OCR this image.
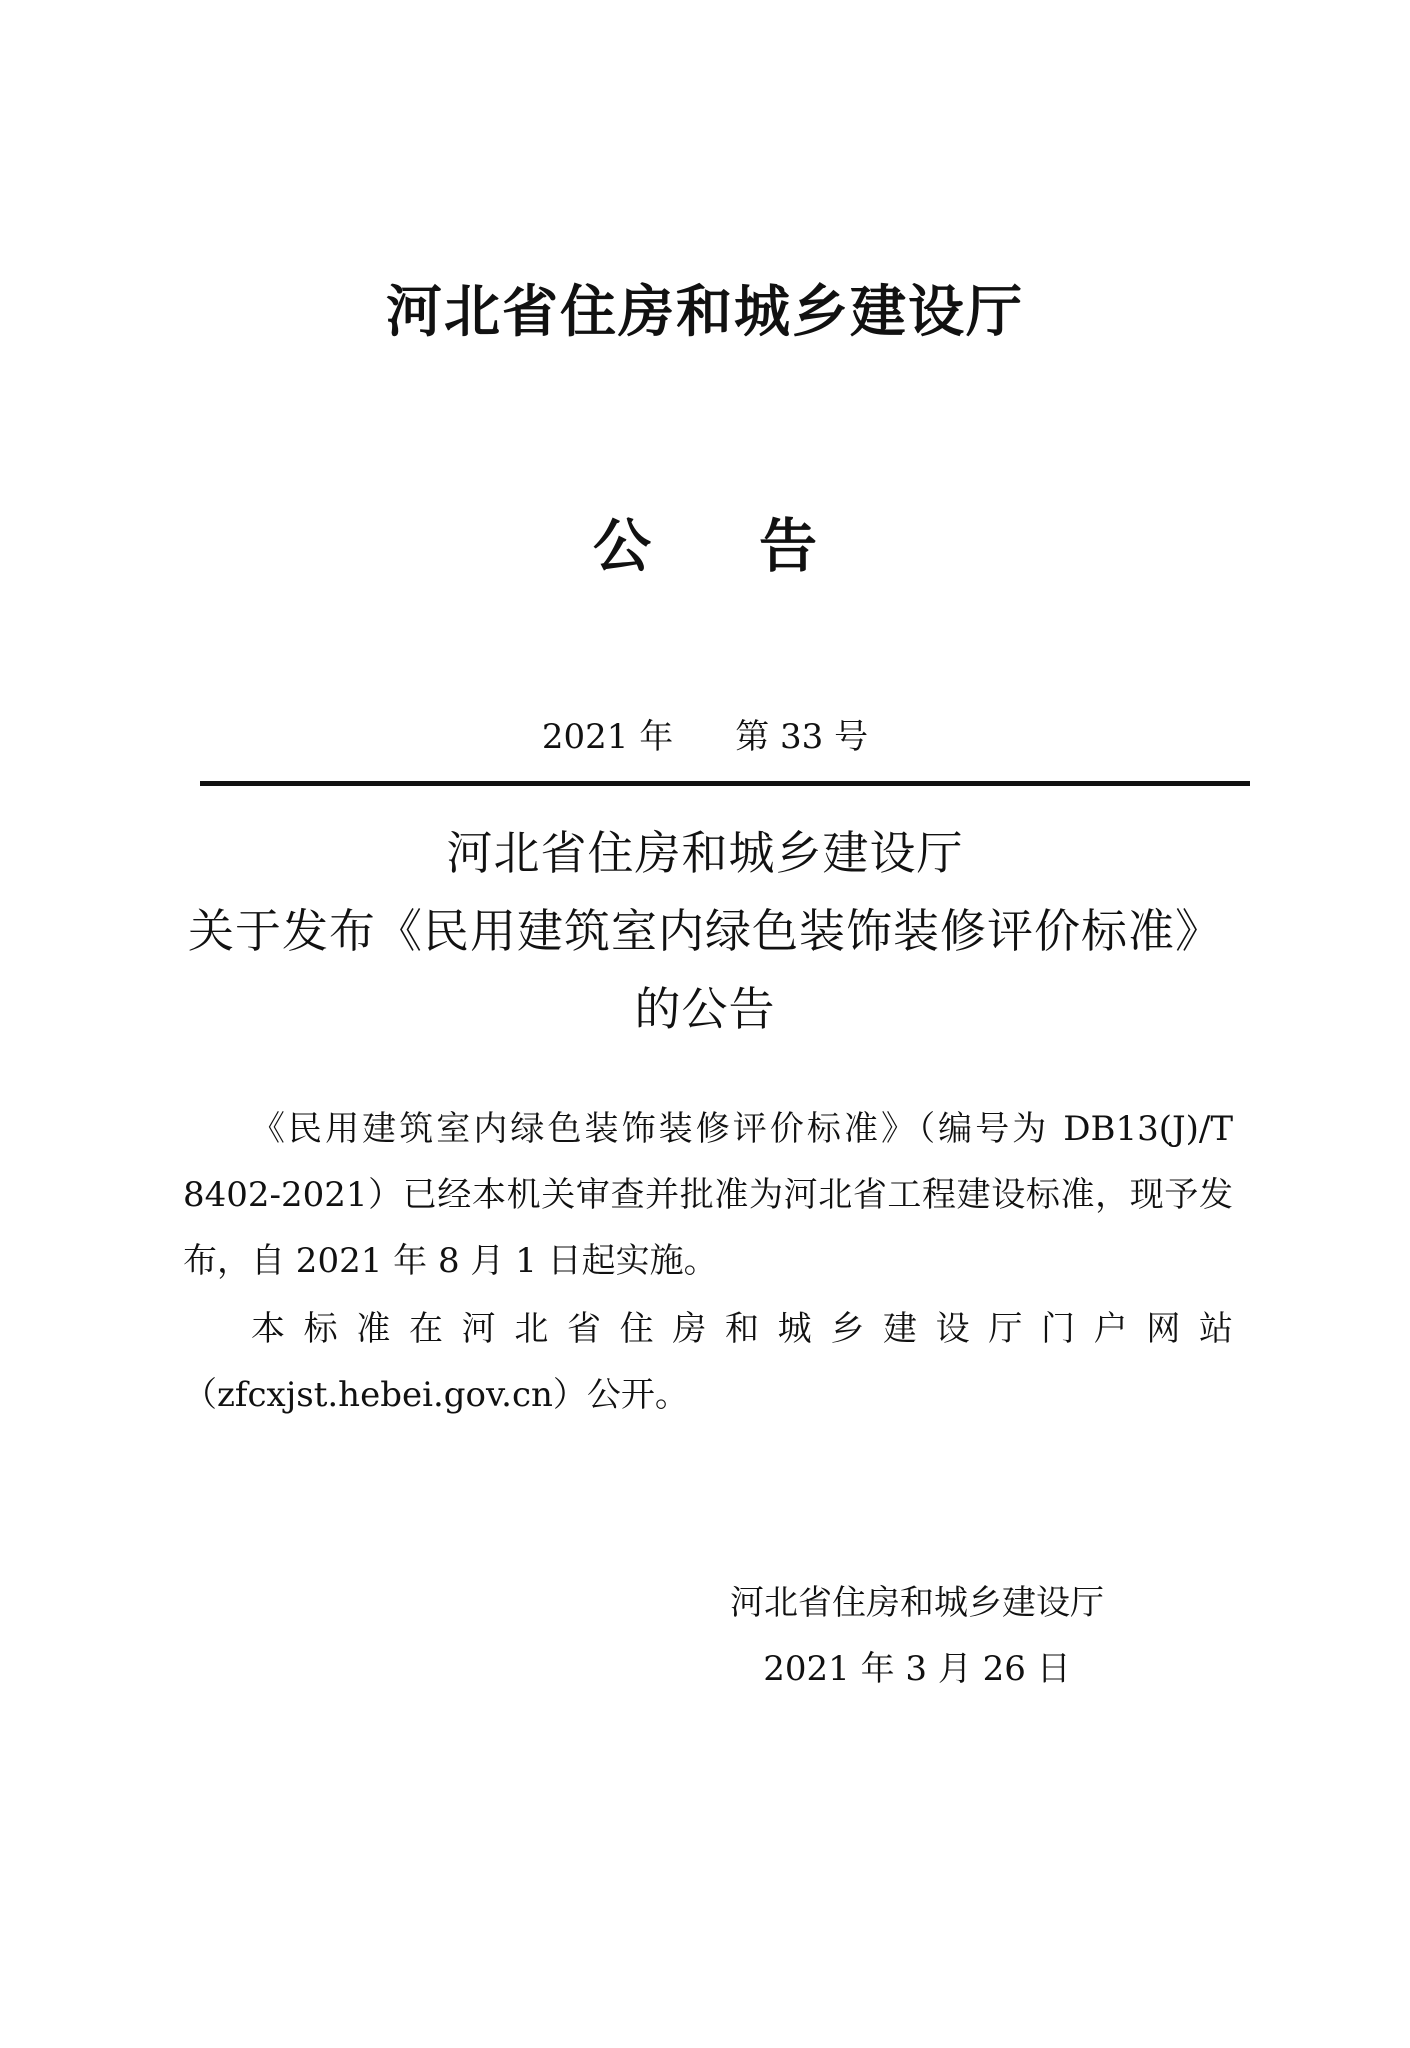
河北省住房和城乡建设厅
公 告
2021 年 第 33 号
河北省住房和城乡建设厅
关于发布《民用建筑室内绿色装饰装修评价标准》
的公告

《民用建筑室内绿色装饰装修评价标准》（编号为 DB13(J)/T 8402-2021）已经本机关审查并批准为河北省工程建设标准，现予发布，自 2021 年 8 月 1 日起实施。

本标准在河北省住房和城乡建设厅门户网站（zfcxjst.hebei.gov.cn）公开。

河北省住房和城乡建设厅
2021 年 3 月 26 日
